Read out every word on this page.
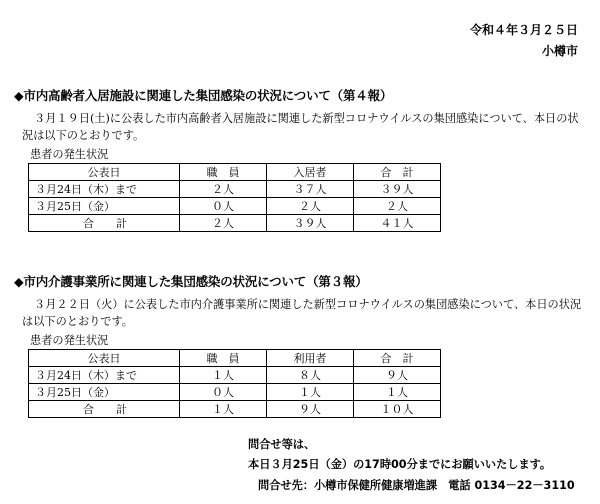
令和４年３月２５日
小樽市
◆市内高齢者入居施設に関連した集団感染の状況について（第４報）
３月１９日(土)に公表した市内高齢者入居施設に関連した新型コロナウイルスの集団感染について、本日の状況は以下のとおりです。
患者の発生状況
公表日	職　員	入居者	合　計
３月24日（木）まで	２人	３７人	３９人
３月25日（金）	０人	２人	２人
合　　計	２人	３９人	４１人
◆市内介護事業所に関連した集団感染の状況について（第３報）
３月２２日（火）に公表した市内介護事業所に関連した新型コロナウイルスの集団感染について、本日の状況は以下のとおりです。
患者の発生状況
公表日	職　員	利用者	合　計
３月24日（木）まで	１人	８人	９人
３月25日（金）	０人	１人	１人
合　　計	１人	９人	１０人
問合せ等は、
本日３月25日（金）の17時00分までにお願いいたします。
問合せ先：小樽市保健所健康増進課　電話 0134－22－3110
